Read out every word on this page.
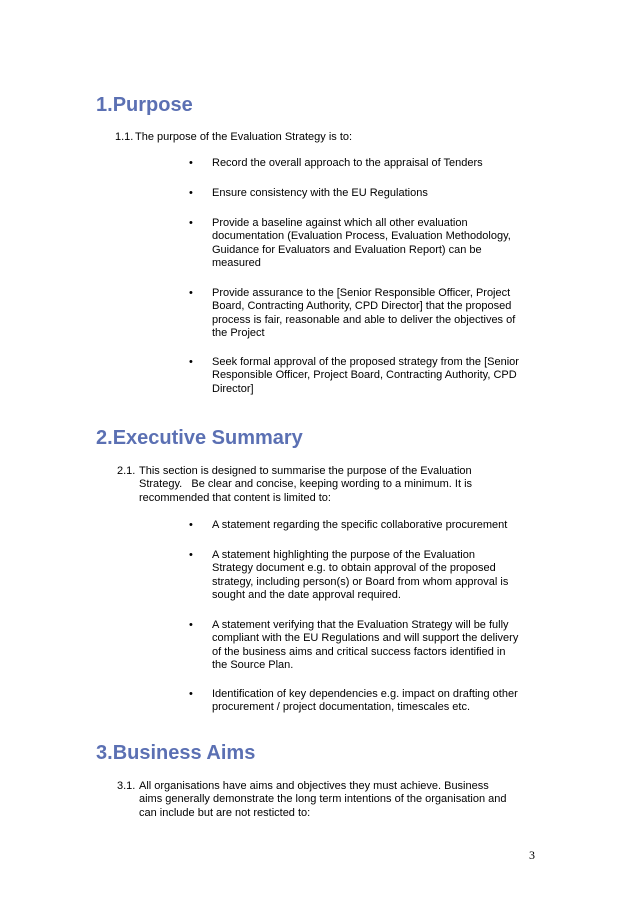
1.Purpose
1.1. The purpose of the Evaluation Strategy is to:
•	Record the overall approach to the appraisal of Tenders
•	Ensure consistency with the EU Regulations
•	Provide a baseline against which all other evaluation
documentation (Evaluation Process, Evaluation Methodology,
Guidance for Evaluators and Evaluation Report) can be
measured
•	Provide assurance to the [Senior Responsible Officer, Project
Board, Contracting Authority, CPD Director] that the proposed
process is fair, reasonable and able to deliver the objectives of
the Project
•	Seek formal approval of the proposed strategy from the [Senior
Responsible Officer, Project Board, Contracting Authority, CPD
Director]
2.Executive Summary
2.1. This section is designed to summarise the purpose of the Evaluation
Strategy.   Be clear and concise, keeping wording to a minimum. It is
recommended that content is limited to:
•	A statement regarding the specific collaborative procurement
•	A statement highlighting the purpose of the Evaluation
Strategy document e.g. to obtain approval of the proposed
strategy, including person(s) or Board from whom approval is
sought and the date approval required.
•	A statement verifying that the Evaluation Strategy will be fully
compliant with the EU Regulations and will support the delivery
of the business aims and critical success factors identified in
the Source Plan.
•	Identification of key dependencies e.g. impact on drafting other
procurement / project documentation, timescales etc.
3.Business Aims
3.1. All organisations have aims and objectives they must achieve. Business
aims generally demonstrate the long term intentions of the organisation and
can include but are not resticted to:
3
